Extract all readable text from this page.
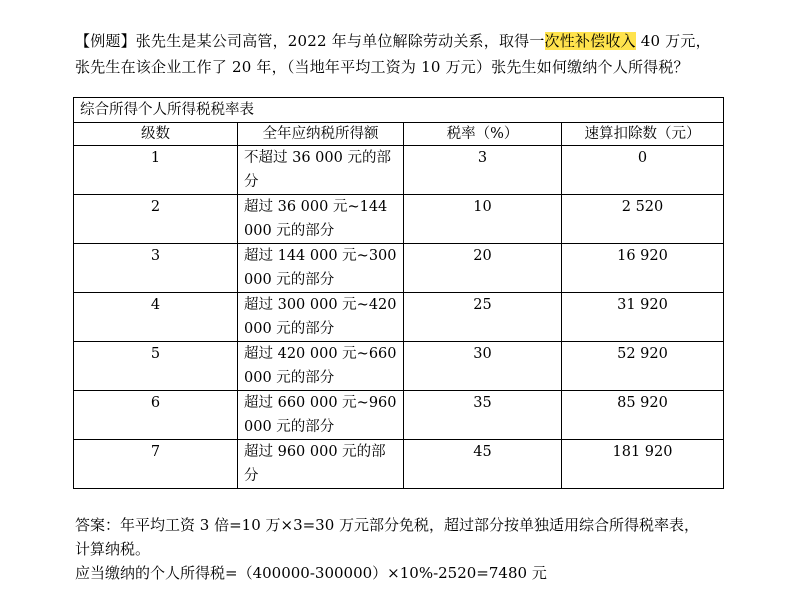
【例题】张先生是某公司高管，2022 年与单位解除劳动关系，取得一次性补偿收入 40 万元，
张先生在该企业工作了 20 年，（当地年平均工资为 10 万元）张先生如何缴纳个人所得税？
综合所得个人所得税税率表			
级数	全年应纳税所得额	税率（%）	速算扣除数（元）
1	不超过 36 000 元的部分	3	0
2	超过 36 000 元~144 000 元的部分	10	2 520
3	超过 144 000 元~300 000 元的部分	20	16 920
4	超过 300 000 元~420 000 元的部分	25	31 920
5	超过 420 000 元~660 000 元的部分	30	52 920
6	超过 660 000 元~960 000 元的部分	35	85 920
7	超过 960 000 元的部分	45	181 920
答案：年平均工资 3 倍=10 万×3=30 万元部分免税，超过部分按单独适用综合所得税率表，
计算纳税。
应当缴纳的个人所得税=（400000-300000）×10%-2520=7480 元
